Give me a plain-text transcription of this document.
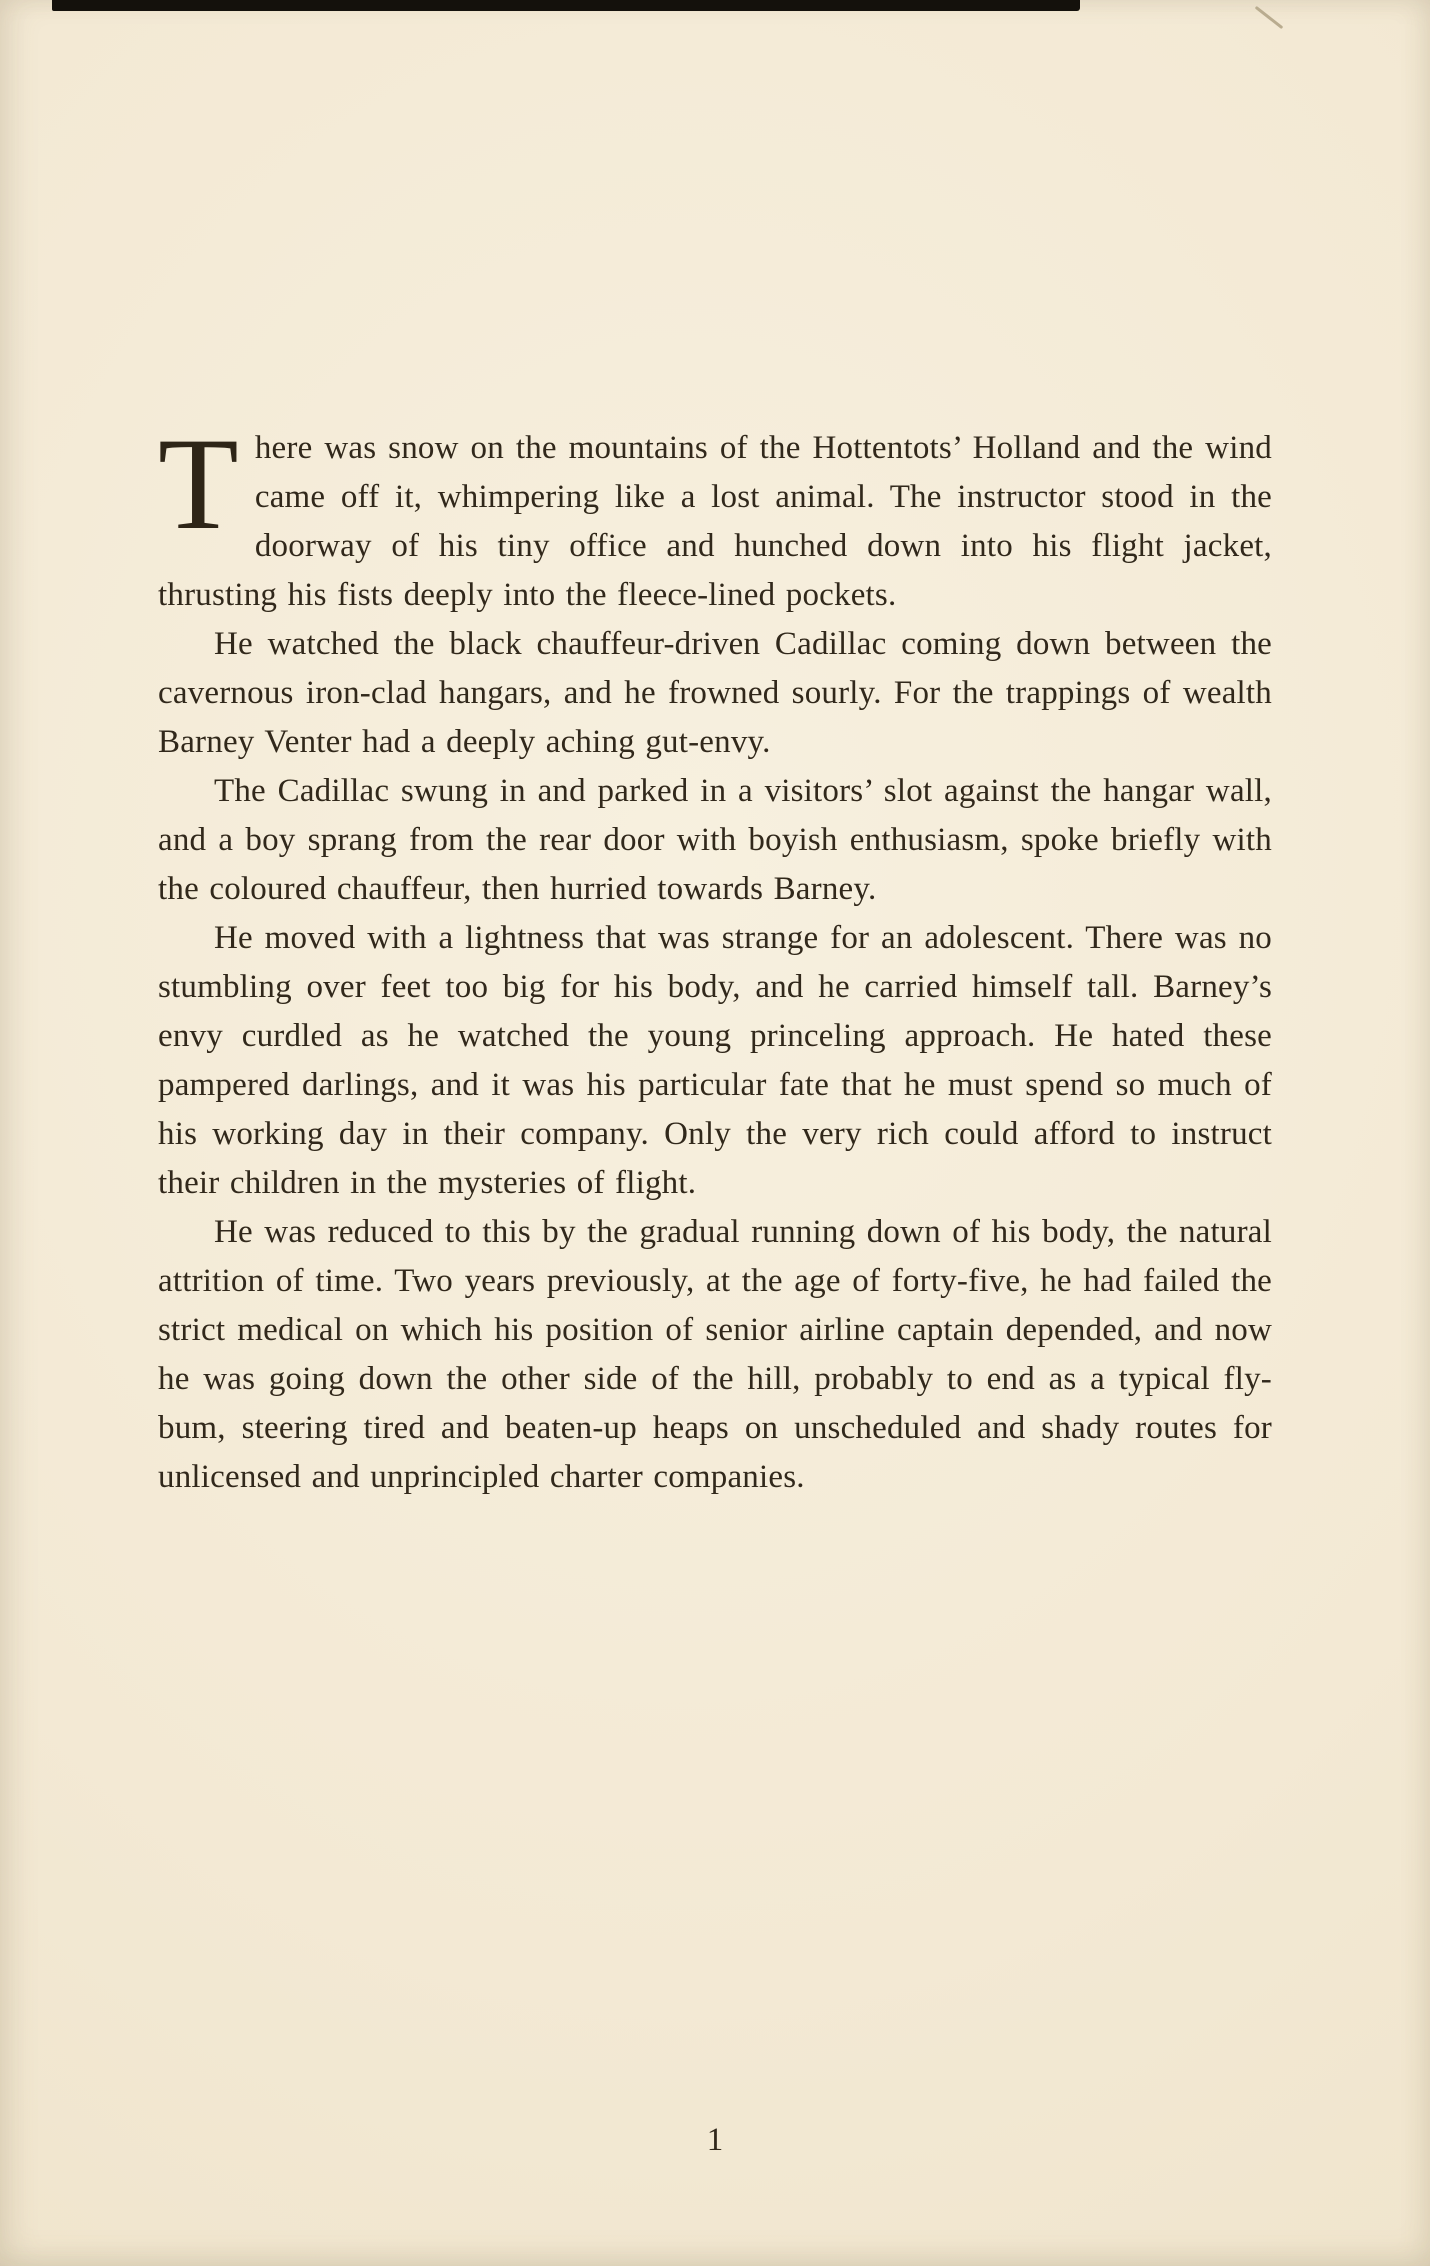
There was snow on the mountains of the Hottentots’ Holland and the wind came off it, whimpering like a lost animal. The instructor stood in the doorway of his tiny office and hunched down into his flight jacket, thrusting his fists deeply into the fleece-lined pockets.

He watched the black chauffeur-driven Cadillac coming down between the cavernous iron-clad hangars, and he frowned sourly. For the trappings of wealth Barney Venter had a deeply aching gut-envy.

The Cadillac swung in and parked in a visitors’ slot against the hangar wall, and a boy sprang from the rear door with boyish enthusiasm, spoke briefly with the coloured chauffeur, then hurried towards Barney.

He moved with a lightness that was strange for an adolescent. There was no stumbling over feet too big for his body, and he carried himself tall. Barney’s envy curdled as he watched the young princeling approach. He hated these pampered darlings, and it was his particular fate that he must spend so much of his working day in their company. Only the very rich could afford to instruct their children in the mysteries of flight.

He was reduced to this by the gradual running down of his body, the natural attrition of time. Two years previously, at the age of forty-five, he had failed the strict medical on which his position of senior airline captain depended, and now he was going down the other side of the hill, probably to end as a typical fly-bum, steering tired and beaten-up heaps on unscheduled and shady routes for unlicensed and unprincipled charter companies.

1
